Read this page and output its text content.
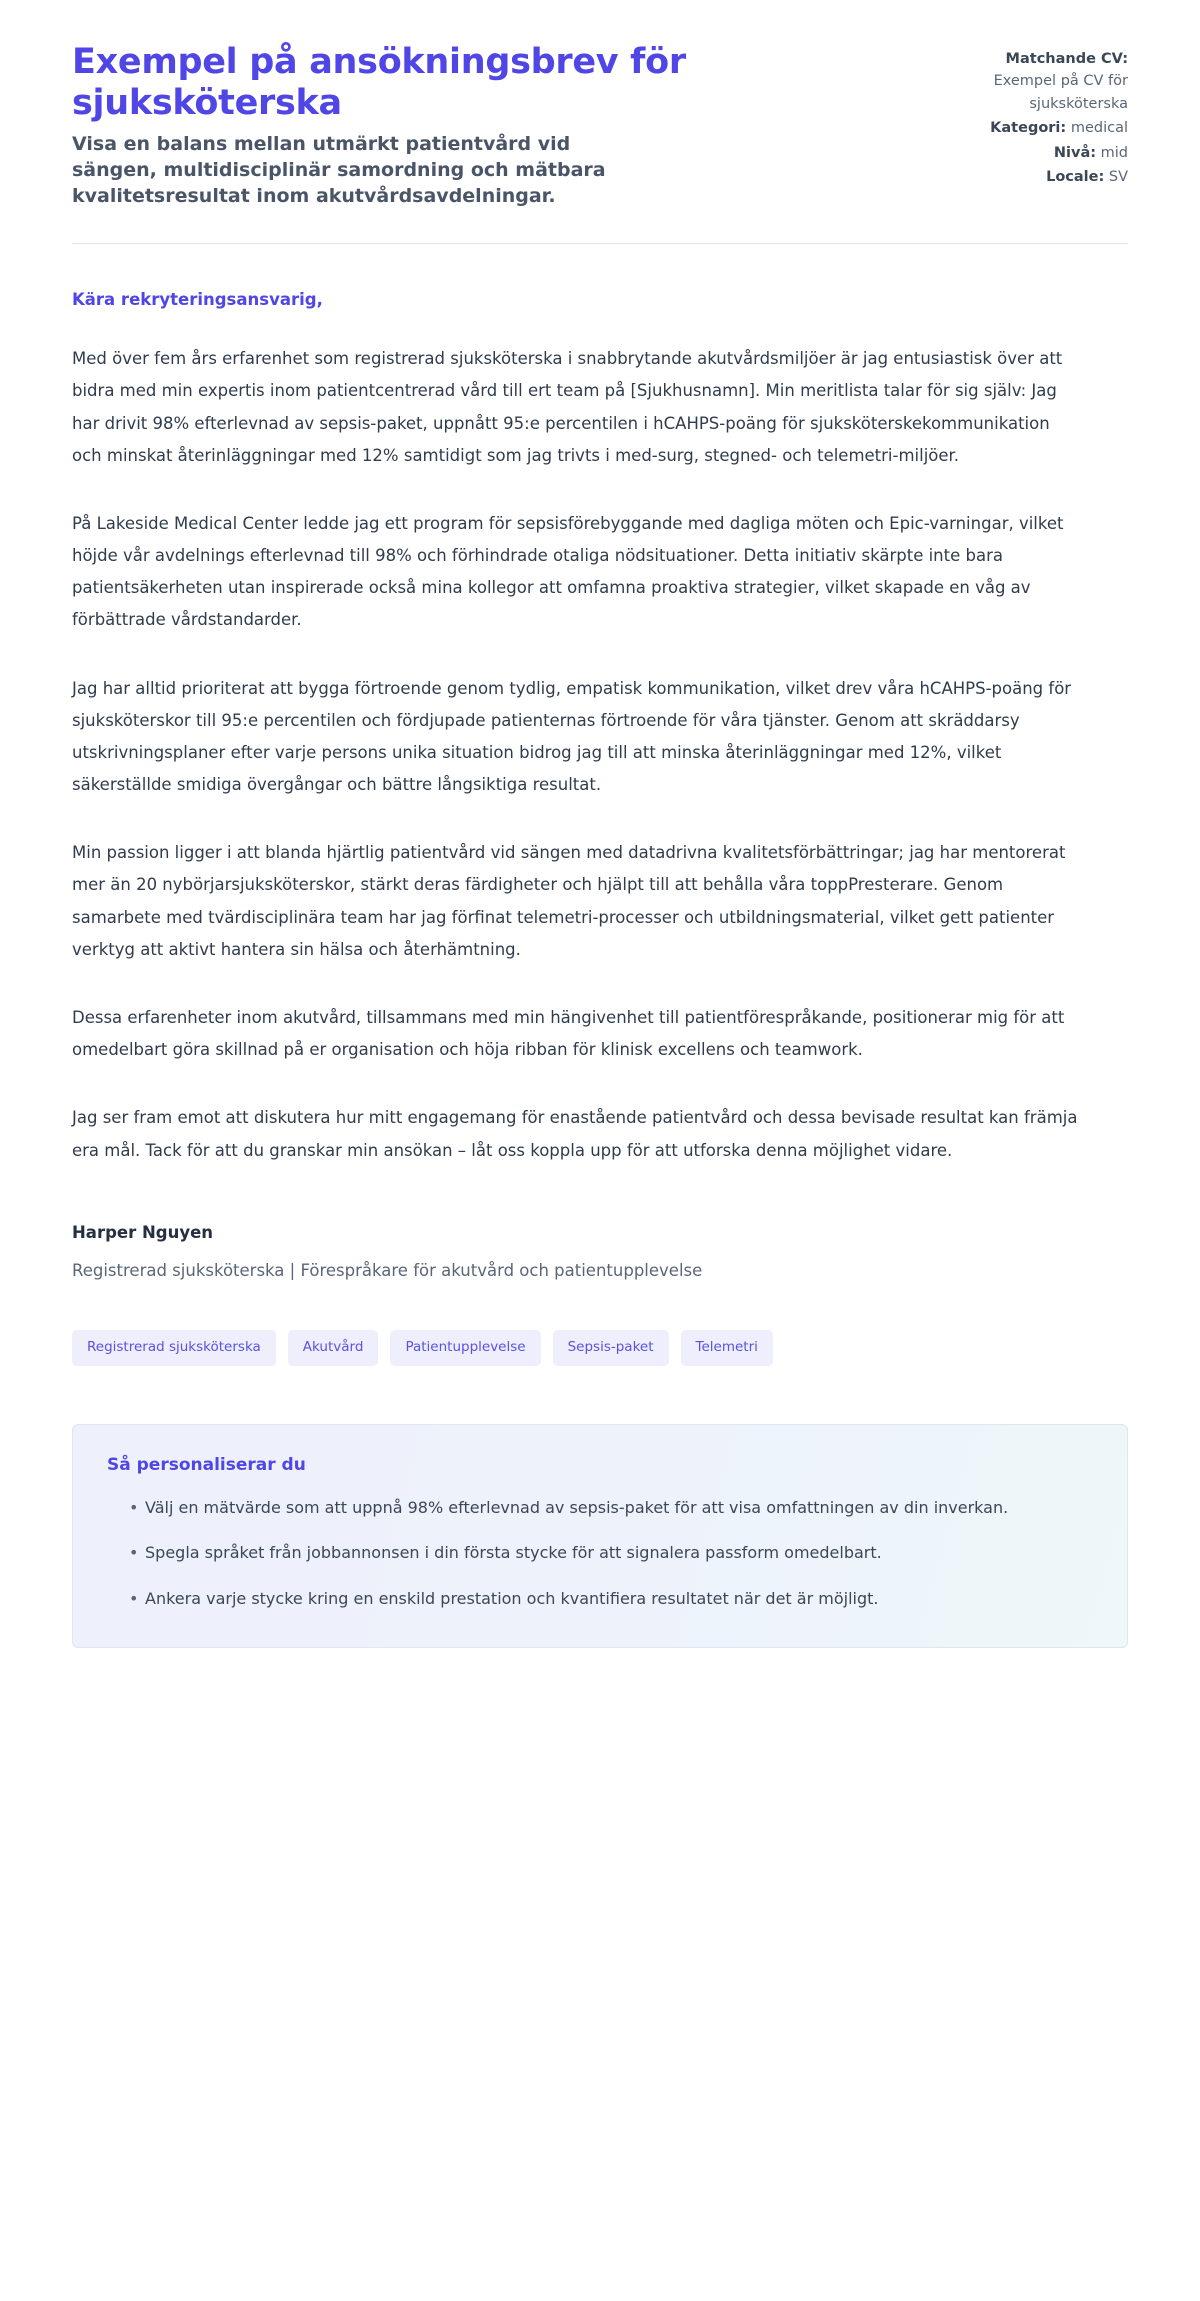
Exempel på ansökningsbrev för sjuksköterska

Visa en balans mellan utmärkt patientvård vid sängen, multidisciplinär samordning och mätbara kvalitetsresultat inom akutvårdsavdelningar.

Matchande CV:
Exempel på CV för sjuksköterska
Kategori: medical
Nivå: mid
Locale: SV

Kära rekryteringsansvarig,

Med över fem års erfarenhet som registrerad sjuksköterska i snabbrytande akutvårdsmiljöer är jag entusiastisk över att bidra med min expertis inom patientcentrerad vård till ert team på [Sjukhusnamn]. Min meritlista talar för sig själv: Jag har drivit 98% efterlevnad av sepsis-paket, uppnått 95:e percentilen i hCAHPS-poäng för sjuksköterskekommunikation och minskat återinläggningar med 12% samtidigt som jag trivts i med-surg, stegned- och telemetri-miljöer.

På Lakeside Medical Center ledde jag ett program för sepsisförebyggande med dagliga möten och Epic-varningar, vilket höjde vår avdelnings efterlevnad till 98% och förhindrade otaliga nödsituationer. Detta initiativ skärpte inte bara patientsäkerheten utan inspirerade också mina kollegor att omfamna proaktiva strategier, vilket skapade en våg av förbättrade vårdstandarder.

Jag har alltid prioriterat att bygga förtroende genom tydlig, empatisk kommunikation, vilket drev våra hCAHPS-poäng för sjuksköterskor till 95:e percentilen och fördjupade patienternas förtroende för våra tjänster. Genom att skräddarsy utskrivningsplaner efter varje persons unika situation bidrog jag till att minska återinläggningar med 12%, vilket säkerställde smidiga övergångar och bättre långsiktiga resultat.

Min passion ligger i att blanda hjärtlig patientvård vid sängen med datadrivna kvalitetsförbättringar; jag har mentorerat mer än 20 nybörjarsjuksköterskor, stärkt deras färdigheter och hjälpt till att behålla våra toppPresterare. Genom samarbete med tvärdisciplinära team har jag förfinat telemetri-processer och utbildningsmaterial, vilket gett patienter verktyg att aktivt hantera sin hälsa och återhämtning.

Dessa erfarenheter inom akutvård, tillsammans med min hängivenhet till patientförespråkande, positionerar mig för att omedelbart göra skillnad på er organisation och höja ribban för klinisk excellens och teamwork.

Jag ser fram emot att diskutera hur mitt engagemang för enastående patientvård och dessa bevisade resultat kan främja era mål. Tack för att du granskar min ansökan – låt oss koppla upp för att utforska denna möjlighet vidare.

Harper Nguyen

Registrerad sjuksköterska | Förespråkare för akutvård och patientupplevelse

Registrerad sjuksköterska	Akutvård	Patientupplevelse	Sepsis-paket	Telemetri
Så personaliserar du
• Välj en mätvärde som att uppnå 98% efterlevnad av sepsis-paket för att visa omfattningen av din inverkan.
• Spegla språket från jobbannonsen i din första stycke för att signalera passform omedelbart.
• Ankera varje stycke kring en enskild prestation och kvantifiera resultatet när det är möjligt.
